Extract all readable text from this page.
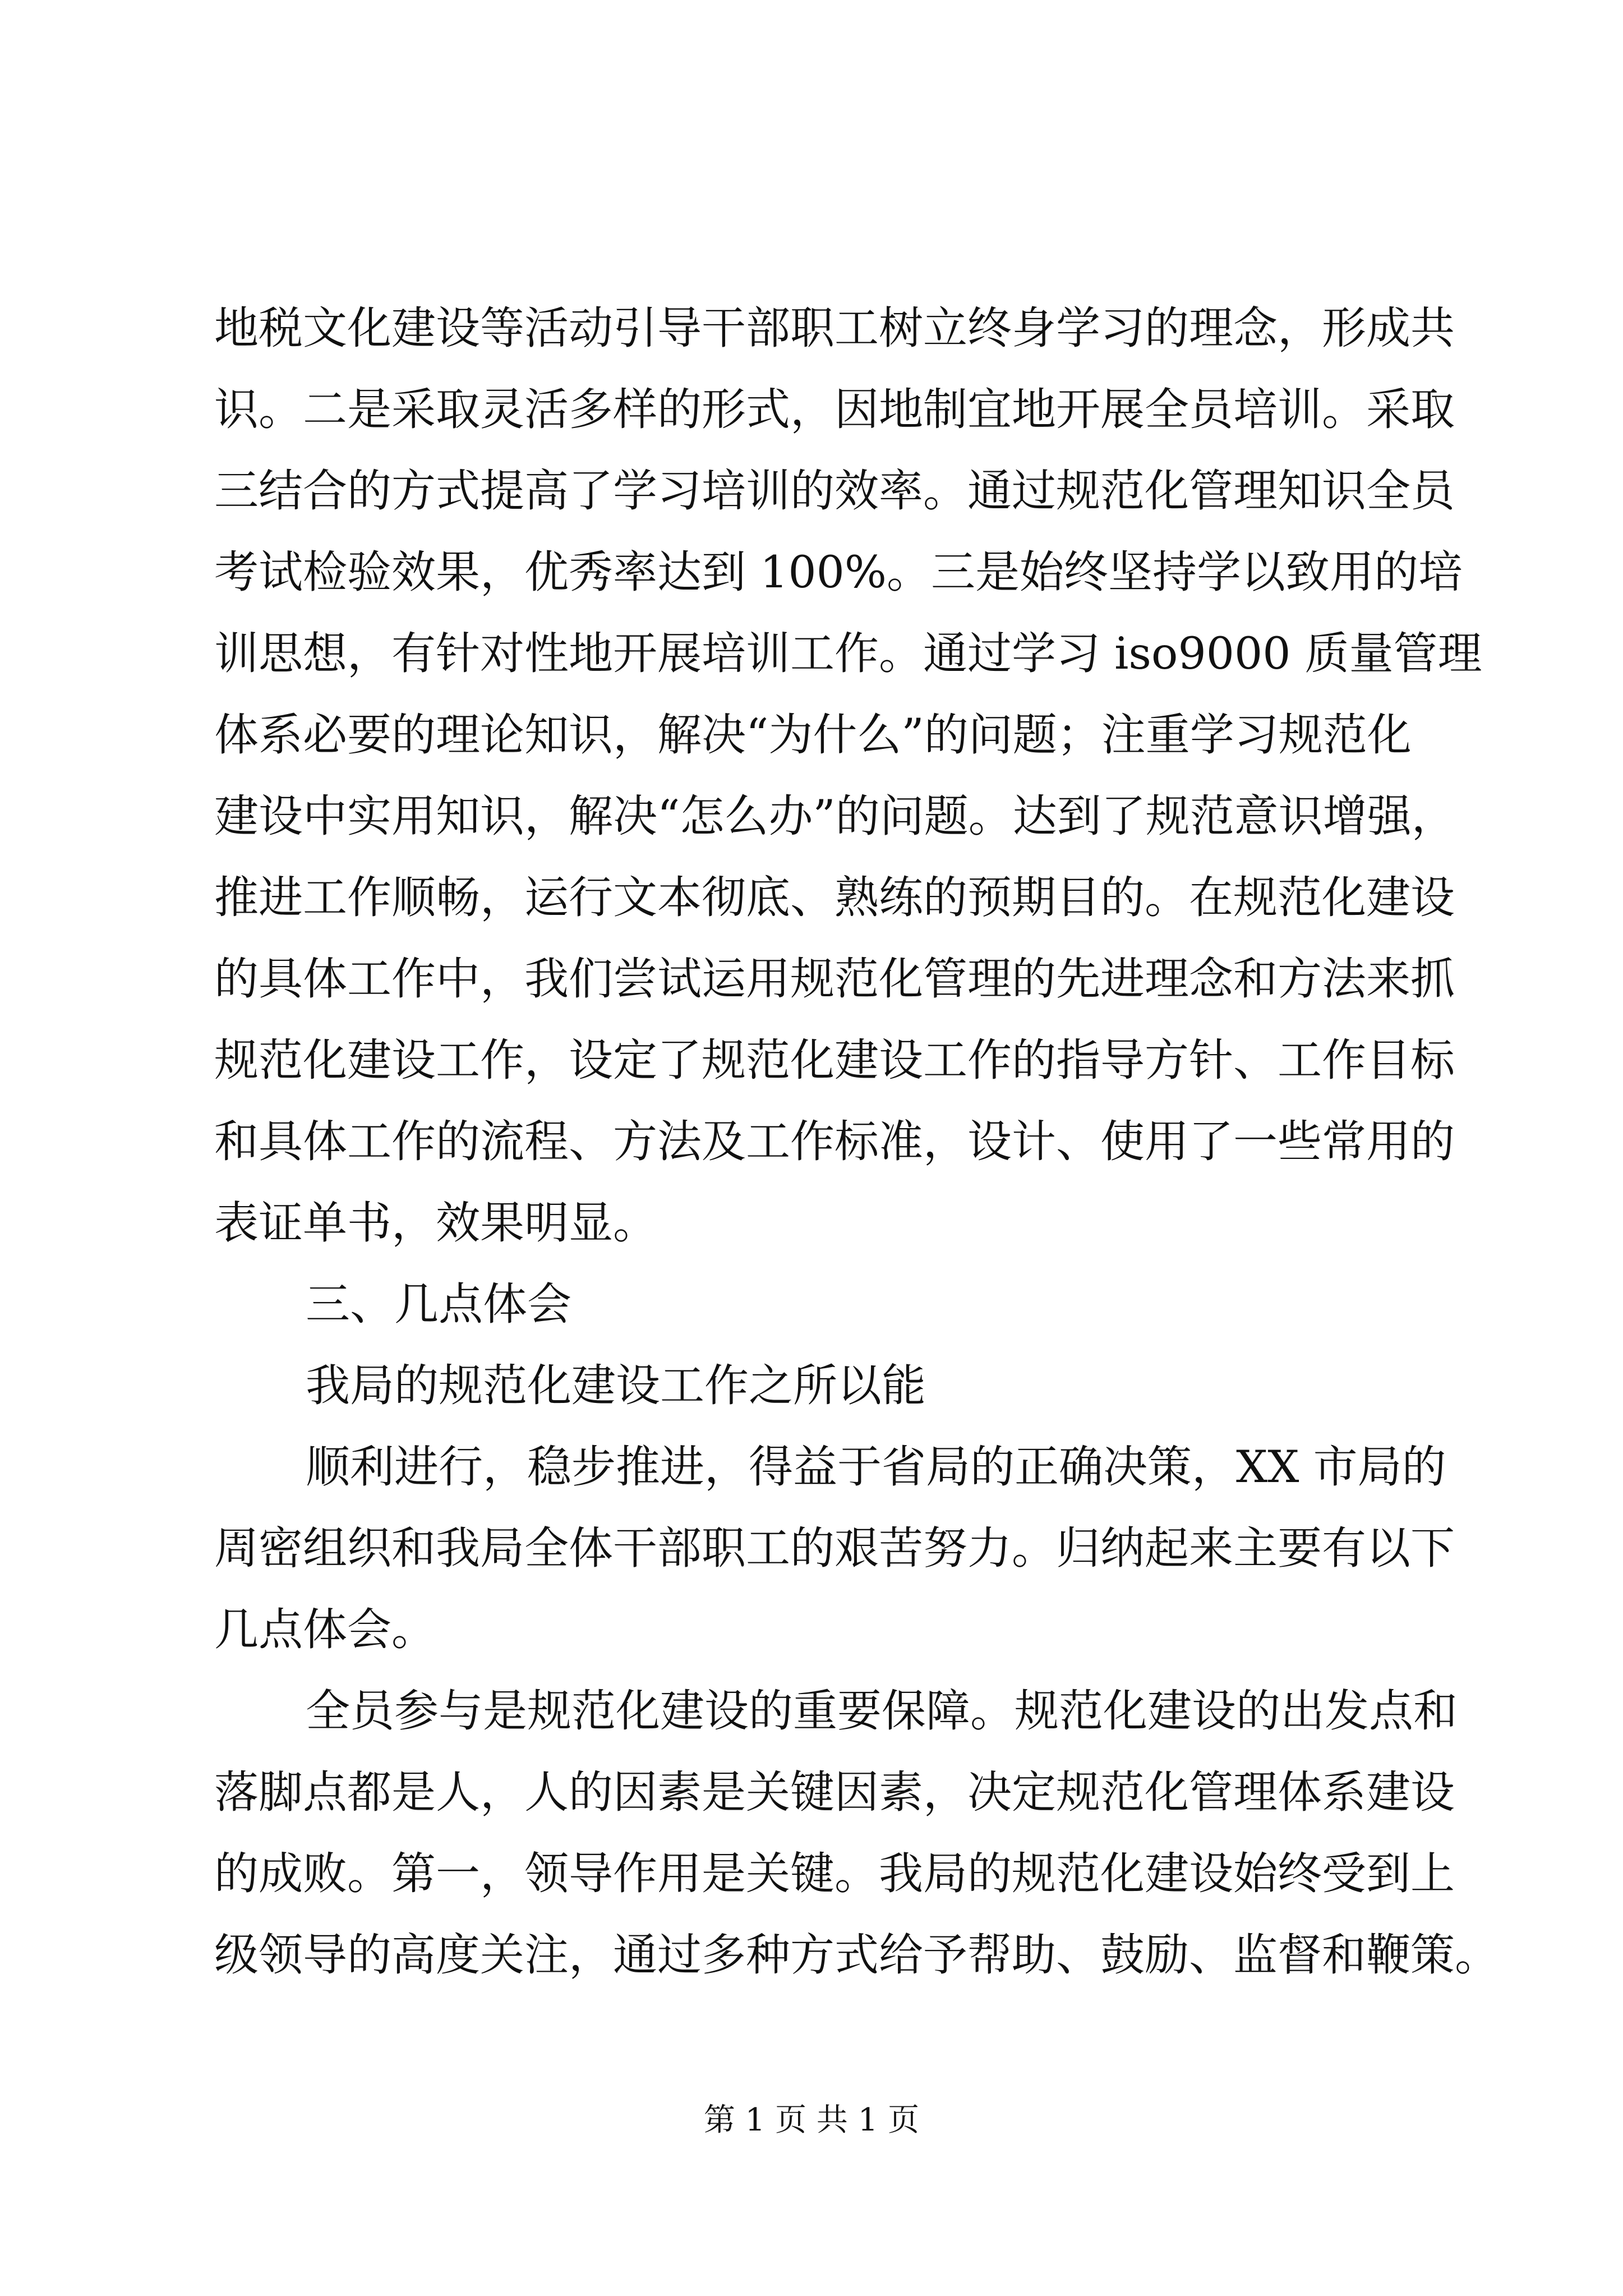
地税文化建设等活动引导干部职工树立终身学习的理念，形成共
识。二是采取灵活多样的形式，因地制宜地开展全员培训。采取
三结合的方式提高了学习培训的效率。通过规范化管理知识全员
考试检验效果，优秀率达到 100%。三是始终坚持学以致用的培
训思想，有针对性地开展培训工作。通过学习 iso9000 质量管理
体系必要的理论知识，解决“为什么”的问题；注重学习规范化
建设中实用知识，解决“怎么办”的问题。达到了规范意识增强，
推进工作顺畅，运行文本彻底、熟练的预期目的。在规范化建设
的具体工作中，我们尝试运用规范化管理的先进理念和方法来抓
规范化建设工作，设定了规范化建设工作的指导方针、工作目标
和具体工作的流程、方法及工作标准，设计、使用了一些常用的
表证单书，效果明显。
三、几点体会
我局的规范化建设工作之所以能
顺利进行，稳步推进，得益于省局的正确决策，XX 市局的
周密组织和我局全体干部职工的艰苦努力。归纳起来主要有以下
几点体会。
全员参与是规范化建设的重要保障。规范化建设的出发点和
落脚点都是人，人的因素是关键因素，决定规范化管理体系建设
的成败。第一，领导作用是关键。我局的规范化建设始终受到上
级领导的高度关注，通过多种方式给予帮助、鼓励、监督和鞭策。
第 1 页 共 1 页
